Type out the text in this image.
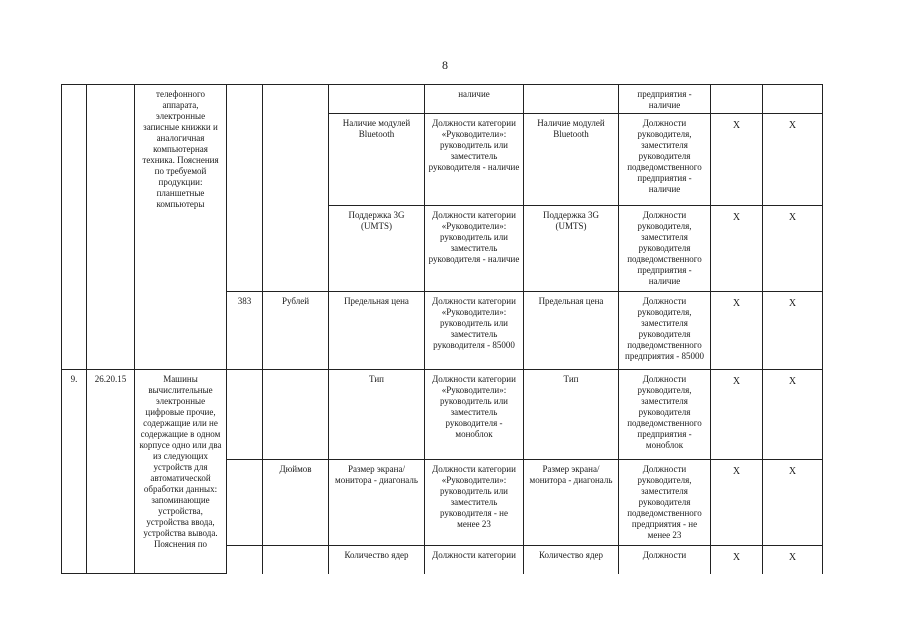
8
		телефонного аппарата, электронные записные книжки и аналогичная компьютерная техника. Пояснения по требуемой продукции: планшетные компьютеры				наличие		предприятия - наличие		
					Наличие модулей Bluetooth	Должности категории «Руководители»: руководитель или заместитель руководителя - наличие	Наличие модулей Bluetooth	Должности руководителя, заместителя руководителя подведомственного предприятия - наличие	X	X
					Поддержка 3G (UMTS)	Должности категории «Руководители»: руководитель или заместитель руководителя - наличие	Поддержка 3G (UMTS)	Должности руководителя, заместителя руководителя подведомственного предприятия - наличие	X	X
			383	Рублей	Предельная цена	Должности категории «Руководители»: руководитель или заместитель руководителя - 85000	Предельная цена	Должности руководителя, заместителя руководителя подведомственного предприятия - 85000	X	X
9.	26.20.15	Машины вычислительные электронные цифровые прочие, содержащие или не содержащие в одном корпусе одно или два из следующих устройств для автоматической обработки данных: запоминающие устройства, устройства ввода, устройства вывода. Пояснения по			Тип	Должности категории «Руководители»: руководитель или заместитель руководителя - моноблок	Тип	Должности руководителя, заместителя руководителя подведомственного предприятия - моноблок	X	X
				Дюймов	Размер экрана/монитора - диагональ	Должности категории «Руководители»: руководитель или заместитель руководителя - не менее 23	Размер экрана/монитора - диагональ	Должности руководителя, заместителя руководителя подведомственного предприятия - не менее 23	X	X
					Количество ядер	Должности категории	Количество ядер	Должности	X	X
